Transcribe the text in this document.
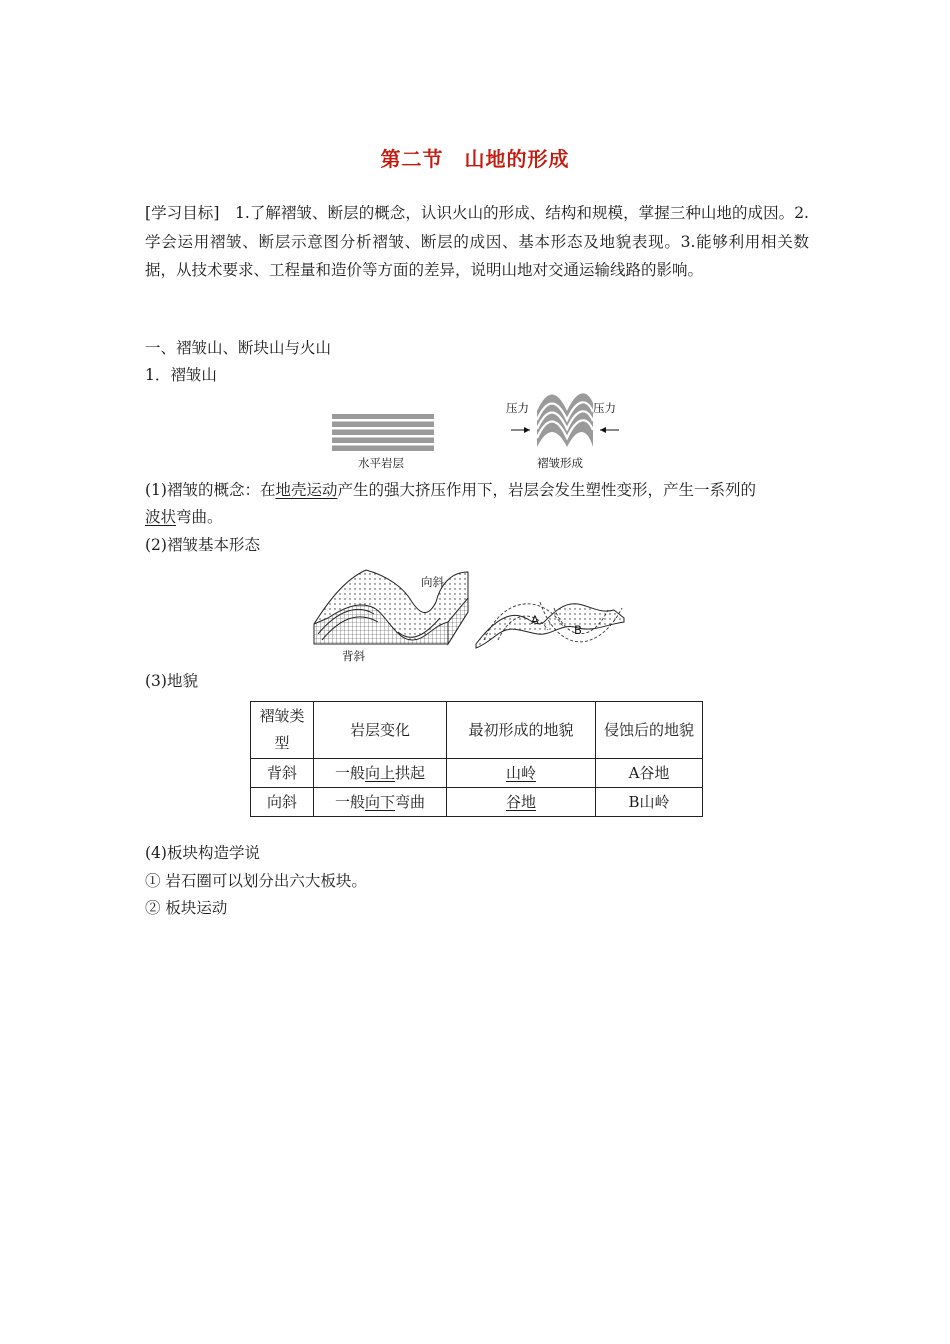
第二节　山地的形成
[学习目标]　1.了解褶皱、断层的概念，认识火山的形成、结构和规模，掌握三种山地的成因。2.学会运用褶皱、断层示意图分析褶皱、断层的成因、基本形态及地貌表现。3.能够利用相关数据，从技术要求、工程量和造价等方面的差异，说明山地对交通运输线路的影响。
一、褶皱山、断块山与火山
1．褶皱山
水平岩层
压力	压力
褶皱形成
(1)褶皱的概念：在地壳运动产生的强大挤压作用下，岩层会发生塑性变形，产生一系列的
波状弯曲。
(2)褶皱基本形态
向斜
背斜
A
B
(3)地貌
褶皱类型	岩层变化	最初形成的地貌	侵蚀后的地貌
背斜	一般向上拱起	山岭	A谷地
向斜	一般向下弯曲	谷地	B山岭
(4)板块构造学说
① 岩石圈可以划分出六大板块。
② 板块运动
